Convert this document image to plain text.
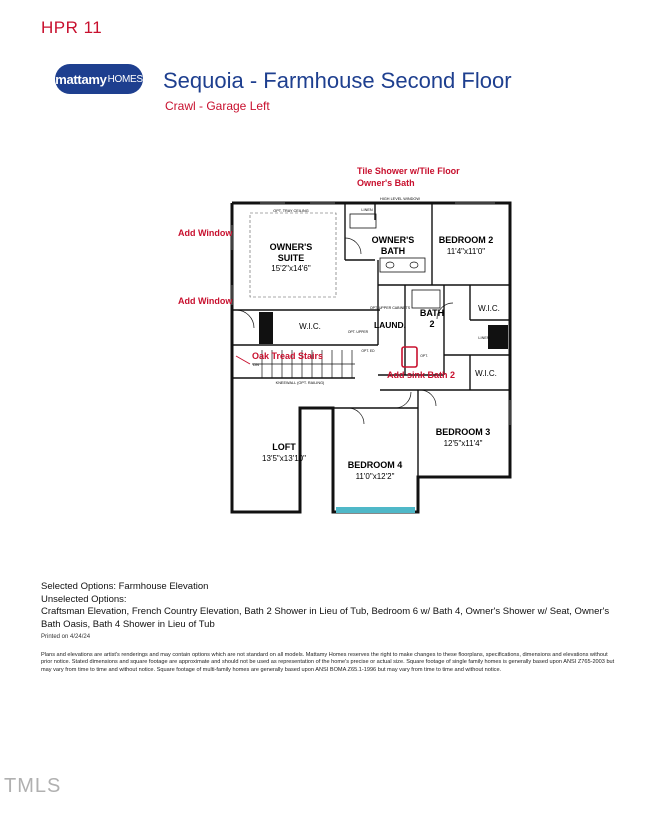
HPR 11
mattamy HOMES Sequoia - Farmhouse Second Floor
Crawl - Garage Left
OWNER'S
SUITE
15'2"x14'6"
OPT. TRAY CEILING
OWNER'S
BATH
BEDROOM 2
11'4"x11'0"
BATH
2
LAUND.
W.I.C.
W.I.C.
W.I.C.
LOFT
13'5"x13'10"
BEDROOM 3
12'5"x11'4"
BEDROOM 4
11'0"x12'2"
HIGH LEVEL WINDOW
LINEN
LINEN
OPT. UPPER CABINETS
DN
KNEEWALL (OPT. RAILING)
OPT. UPPER
OPT. ED
OPT.
Tile Shower w/Tile Floor
Owner's Bath
Add Window
Add Window
Oak Tread Stairs
Add sink Bath 2
Selected Options: Farmhouse Elevation
Unselected Options:
Craftsman Elevation, French Country Elevation, Bath 2 Shower in Lieu of Tub, Bedroom 6 w/ Bath 4, Owner's Shower w/ Seat, Owner's Bath Oasis, Bath 4 Shower in Lieu of Tub
Printed on 4/24/24
Plans and elevations are artist's renderings and may contain options which are not standard on all models. Mattamy Homes reserves the right to make changes to these floorplans, specifications, dimensions and elevations without prior notice. Stated dimensions and square footage are approximate and should not be used as representation of the home's precise or actual size. Square footage of single family homes is generally based upon ANSI Z765-2003 but may vary from time to time and without notice. Square footage of multi-family homes are generally based upon ANSI BOMA Z65.1-1996 but may vary from time to time and without notice.
TMLS
